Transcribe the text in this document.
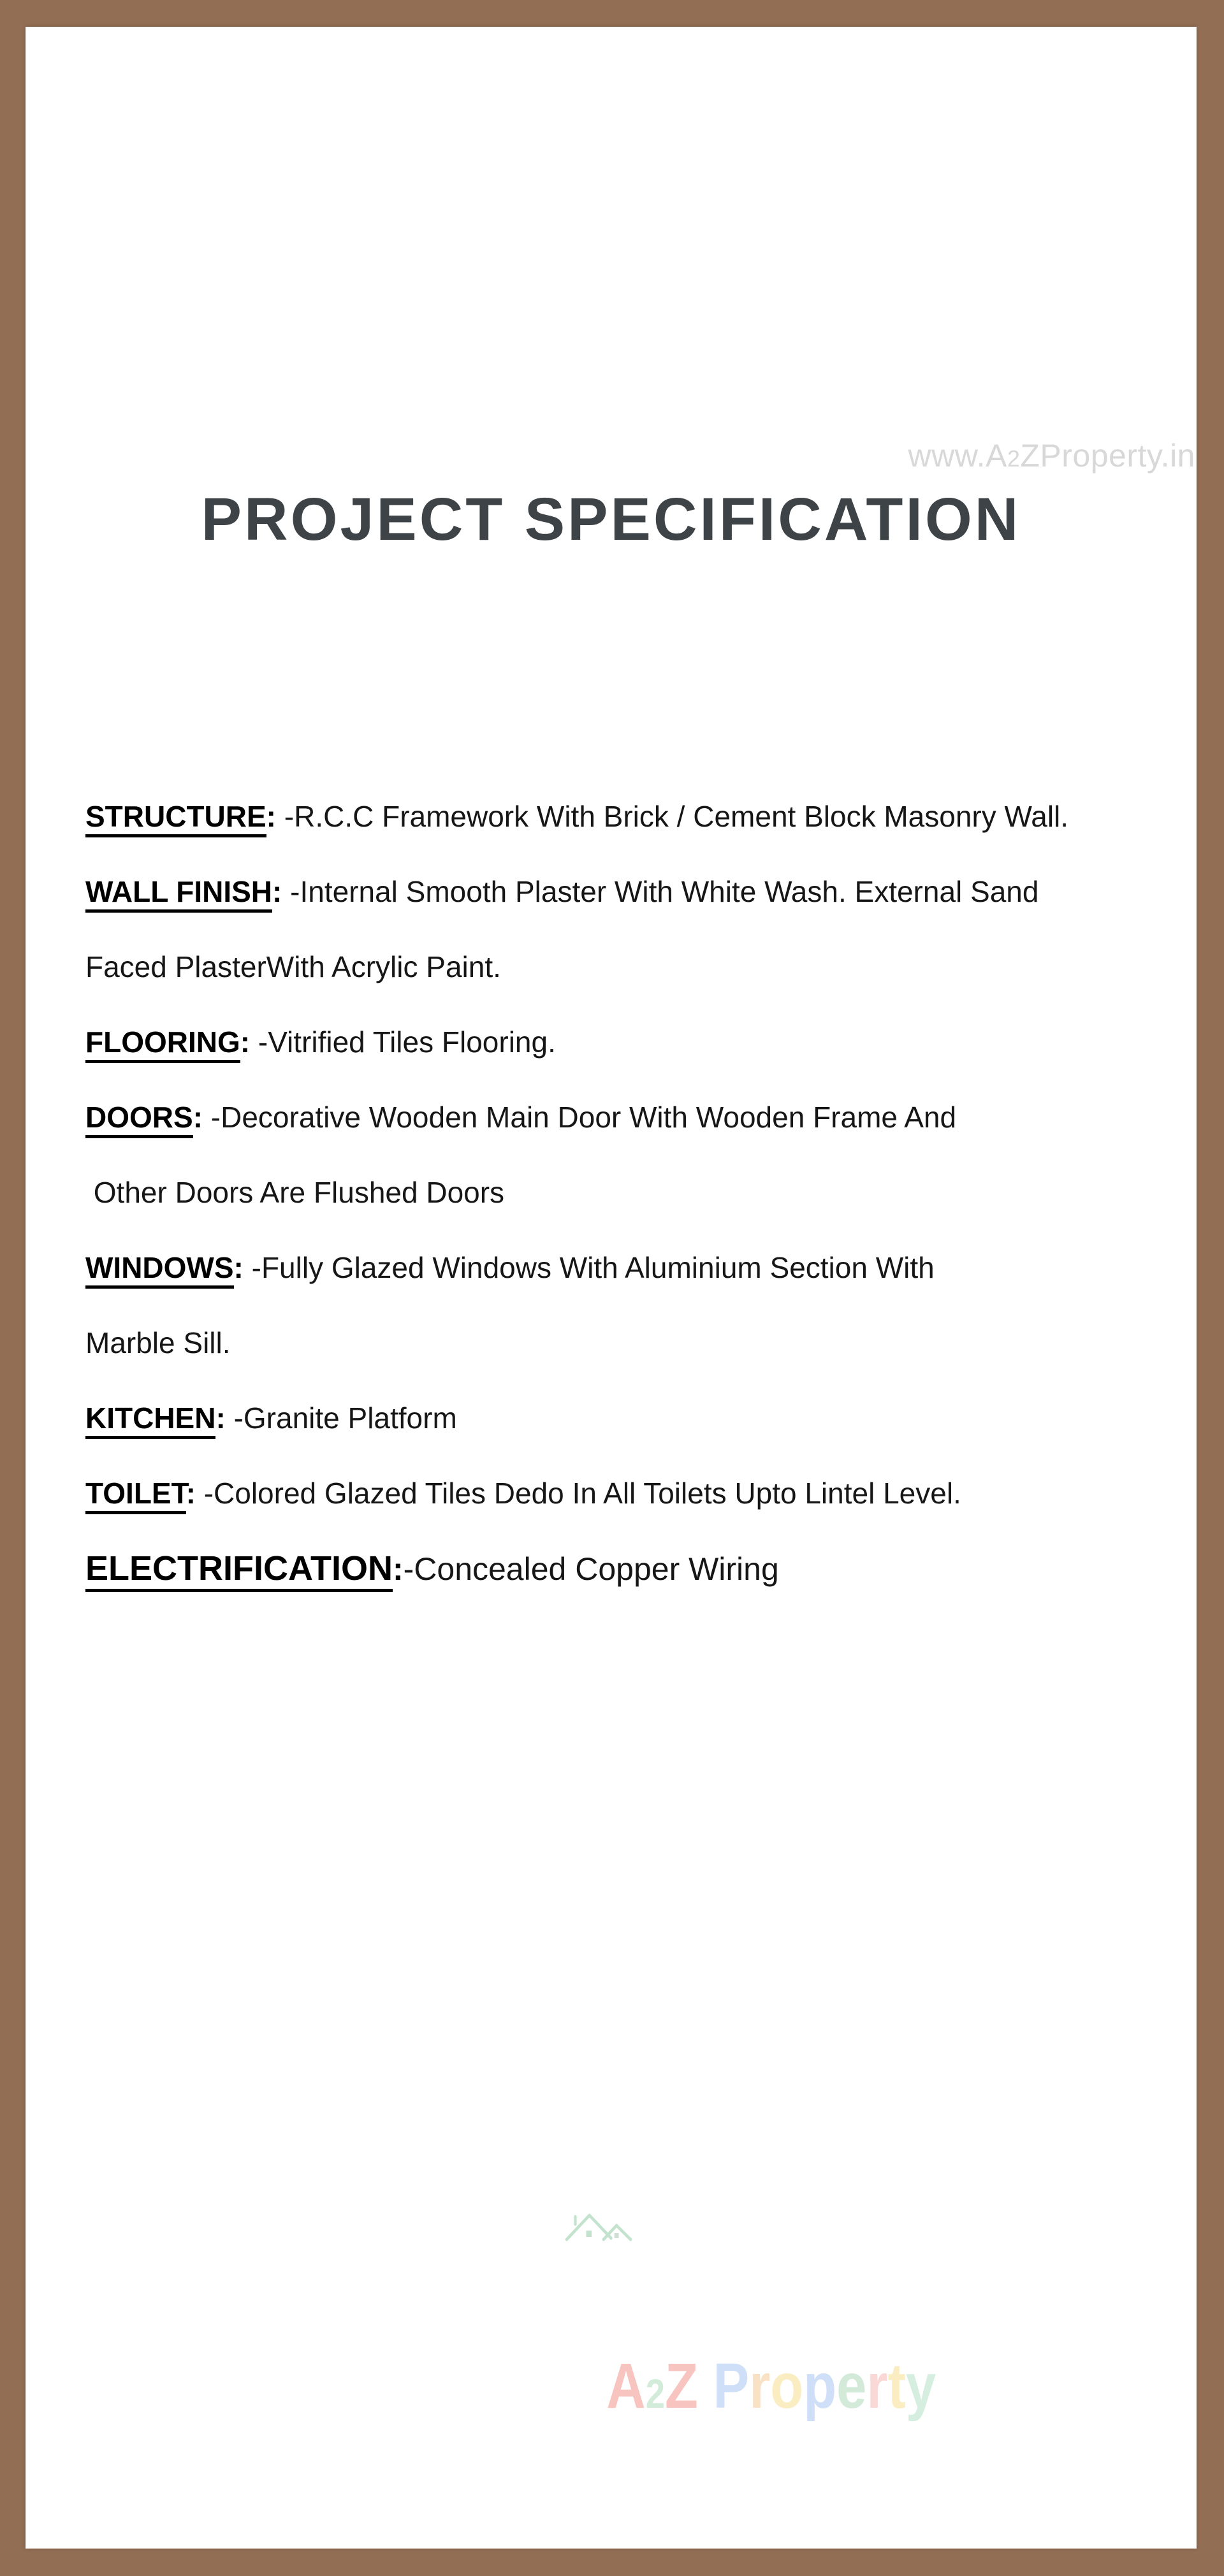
www.A2ZProperty.in
PROJECT SPECIFICATION
STRUCTURE: -R.C.C Framework With Brick / Cement Block Masonry Wall.
WALL FINISH: -Internal Smooth Plaster With White Wash. External Sand
Faced PlasterWith Acrylic Paint.
FLOORING: -Vitrified Tiles Flooring.
DOORS: -Decorative Wooden Main Door With Wooden Frame And
Other Doors Are Flushed Doors
WINDOWS: -Fully Glazed Windows With Aluminium Section With
Marble Sill.
KITCHEN: -Granite Platform
TOILET: -Colored Glazed Tiles Dedo In All Toilets Upto Lintel Level.
ELECTRIFICATION:-Concealed Copper Wiring

A2Z Property
